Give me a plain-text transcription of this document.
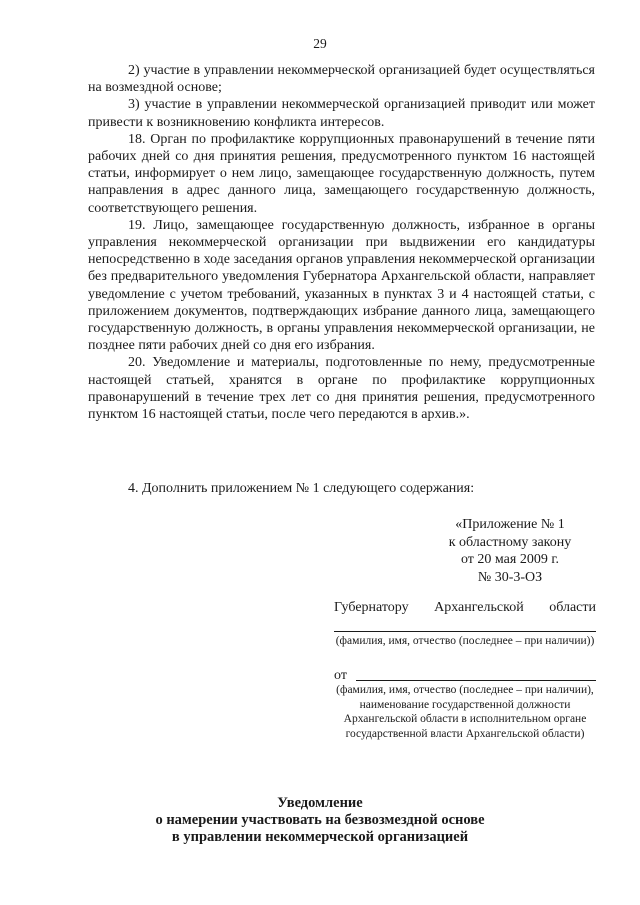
29

2) участие в управлении некоммерческой организацией будет осуществляться на возмездной основе;

3) участие в управлении некоммерческой организацией приводит или может привести к возникновению конфликта интересов.

18. Орган по профилактике коррупционных правонарушений в течение пяти рабочих дней со дня принятия решения, предусмотренного пунктом 16 настоящей статьи, информирует о нем лицо, замещающее государственную должность, путем направления в адрес данного лица, замещающего государственную должность, соответствующего решения.

19. Лицо, замещающее государственную должность, избранное в органы управления некоммерческой организации при выдвижении его кандидатуры непосредственно в ходе заседания органов управления некоммерческой организации без предварительного уведомления Губернатора Архангельской области, направляет уведомление с учетом требований, указанных в пунктах 3 и 4 настоящей статьи, с приложением документов, подтверждающих избрание данного лица, замещающего государственную должность, в органы управления некоммерческой организации, не позднее пяти рабочих дней со дня его избрания.

20. Уведомление и материалы, подготовленные по нему, предусмотренные настоящей статьей, хранятся в органе по профилактике коррупционных правонарушений в течение трех лет со дня принятия решения, предусмотренного пунктом 16 настоящей статьи, после чего передаются в архив.».

4. Дополнить приложением № 1 следующего содержания:
«Приложение № 1
к областному закону
от 20 мая 2009 г.
№ 30-3-ОЗ
Губернатору Архангельской области
(фамилия, имя, отчество (последнее – при наличии))
от
(фамилия, имя, отчество (последнее – при наличии), наименование государственной должности Архангельской области в исполнительном органе государственной власти Архангельской области)
Уведомление
о намерении участвовать на безвозмездной основе
в управлении некоммерческой организацией
